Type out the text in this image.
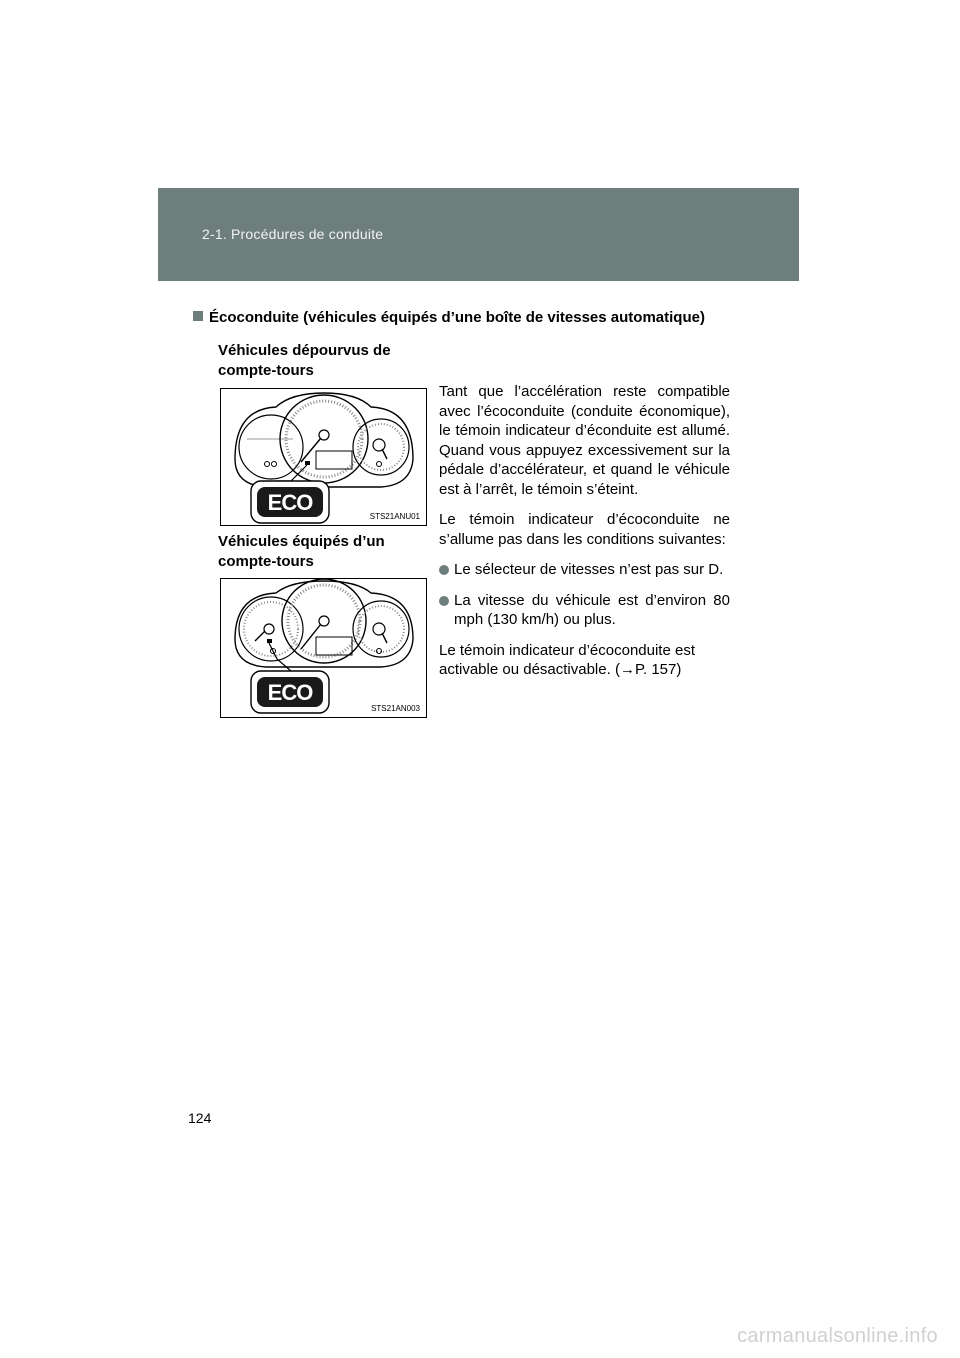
2-1. Procédures de conduite
Écoconduite (véhicules équipés d’une boîte de vitesses automatique)
Véhicules dépourvus de compte-tours
ECO
STS21ANU01
Véhicules équipés d’un compte-tours
ECO
STS21AN003

Tant que l’accélération reste compatible avec l’écoconduite (conduite économique), le témoin indicateur d’éconduite est allumé. Quand vous appuyez excessivement sur la pédale d’accélérateur, et quand le véhicule est à l’arrêt, le témoin s’éteint.

Le témoin indicateur d’écoconduite ne s’allume pas dans les conditions suivantes:

Le sélecteur de vitesses n’est pas sur D.
La vitesse du véhicule est d’environ 80 mph (130 km/h) ou plus.

Le témoin indicateur d’écoconduite est activable ou désactivable. (→P. 157)

124
carmanualsonline.info
